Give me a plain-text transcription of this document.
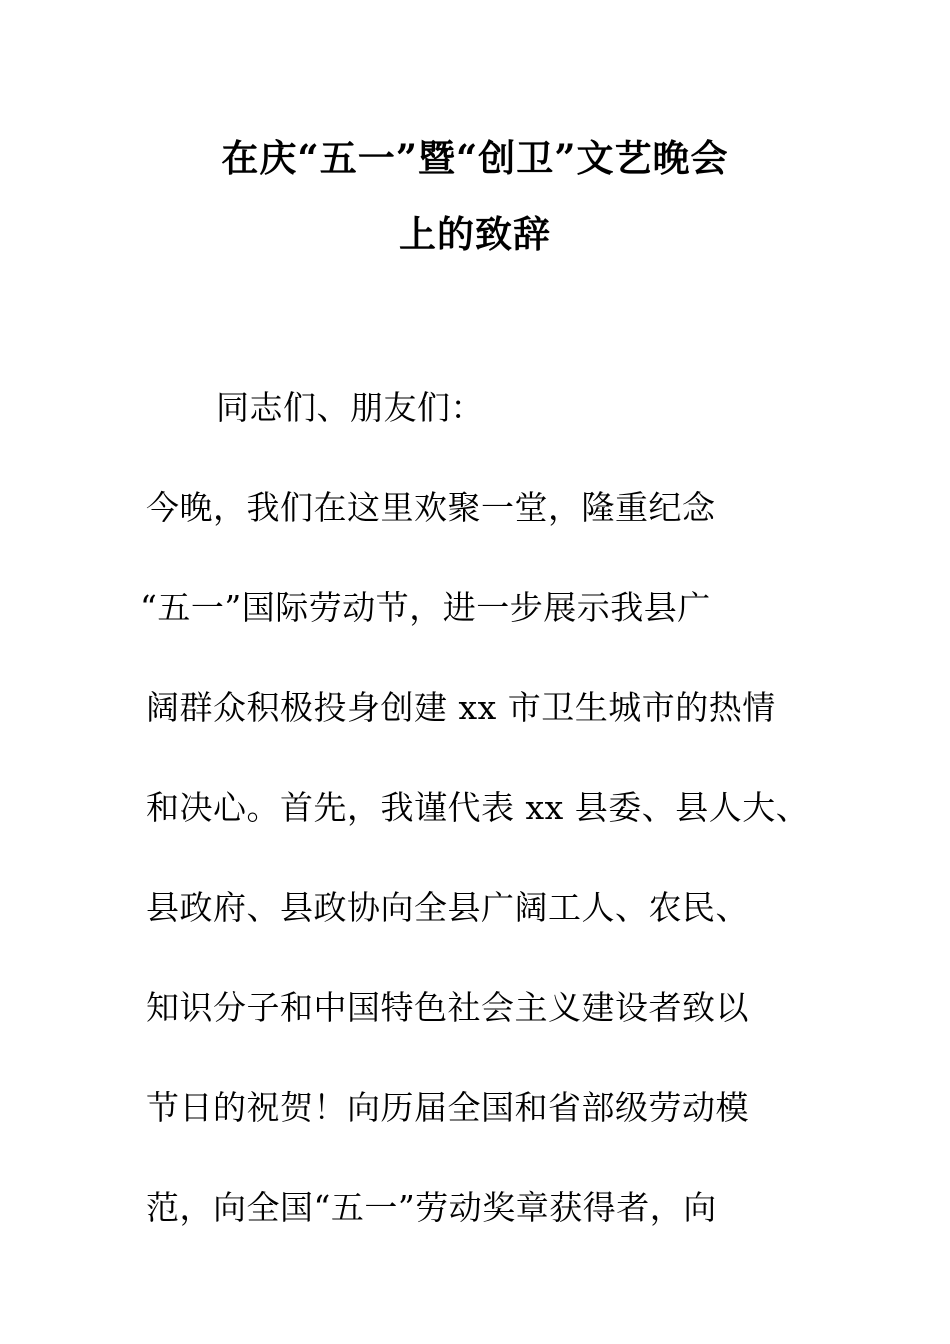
在庆“五一”暨“创卫”文艺晚会
上的致辞
同志们、朋友们：
今晚，我们在这里欢聚一堂，隆重纪念
“五一”国际劳动节，进一步展示我县广
阔群众积极投身创建 xx 市卫生城市的热情
和决心。首先，我谨代表 xx 县委、县人大、
县政府、县政协向全县广阔工人、农民、
知识分子和中国特色社会主义建设者致以
节日的祝贺！向历届全国和省部级劳动模
范，向全国“五一”劳动奖章获得者，向
